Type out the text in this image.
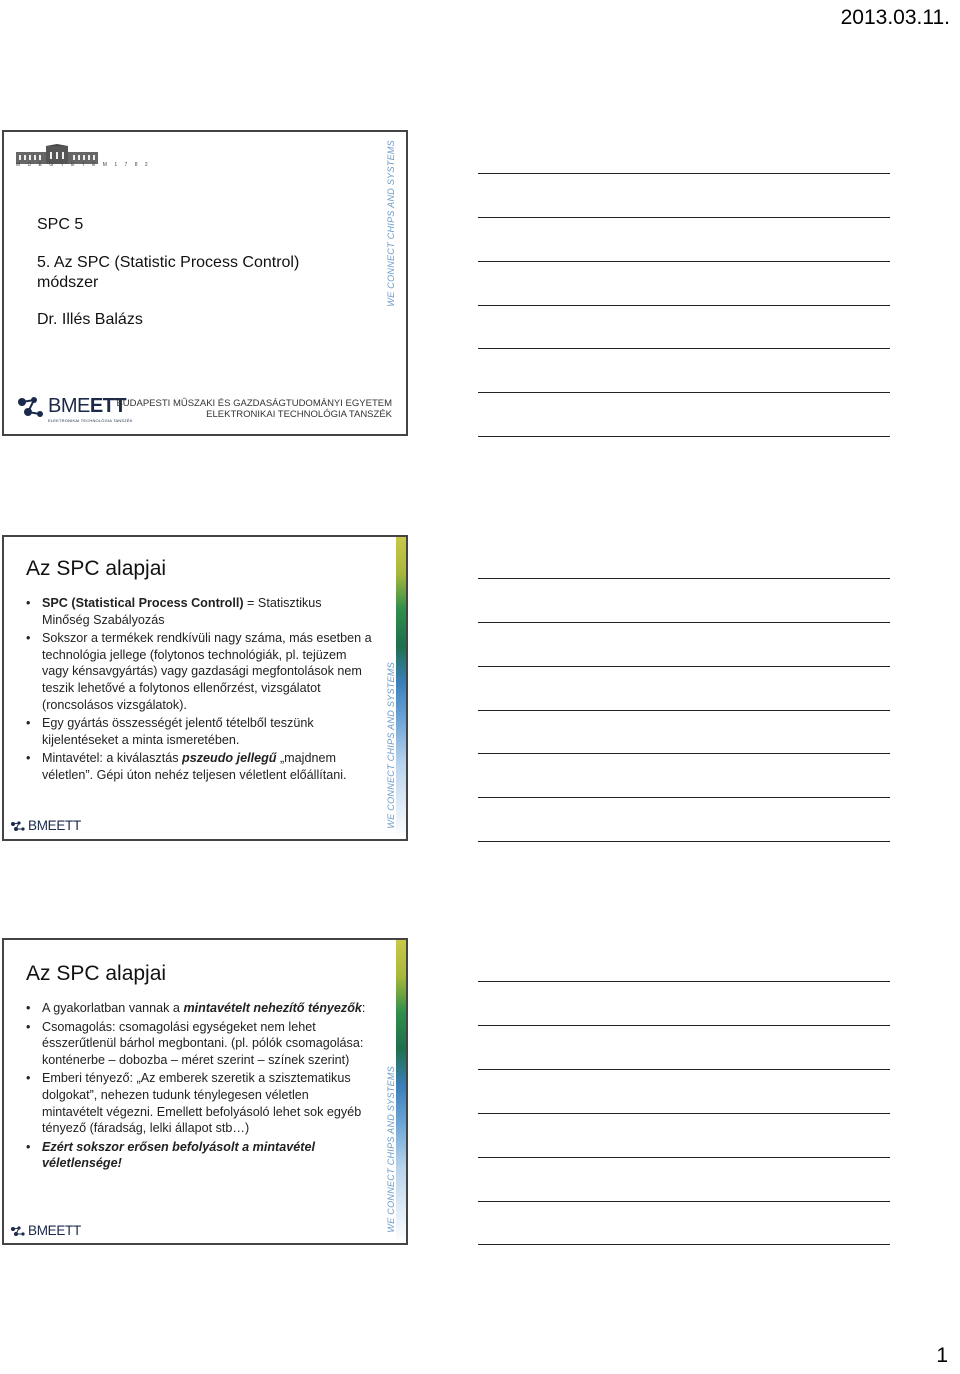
2013.03.11.
M Ű E G Y E T E M 1 7 8 2
SPC 5
5. Az SPC (Statistic Process Control) módszer
Dr. Illés Balázs
BMEETT
ELEKTRONIKAI TECHNOLÓGIA TANSZÉK
BUDAPESTI MŰSZAKI ÉS GAZDASÁGTUDOMÁNYI EGYETEM
ELEKTRONIKAI TECHNOLÓGIA TANSZÉK
WE CONNECT CHIPS AND SYSTEMS
Az SPC alapjai
• SPC (Statistical Process Controll) = Statisztikus Minőség Szabályozás
• Sokszor a termékek rendkívüli nagy száma, más esetben a technológia jellege (folytonos technológiák, pl. tejüzem vagy kénsavgyártás) vagy gazdasági megfontolások nem teszik lehetővé a folytonos ellenőrzést, vizsgálatot (roncsolásos vizsgálatok).
• Egy gyártás összességét jelentő tételből teszünk kijelentéseket a minta ismeretében.
• Mintavétel: a kiválasztás pszeudo jellegű „majdnem véletlen”. Gépi úton nehéz teljesen véletlent előállítani.	WE CONNECT CHIPS AND SYSTEMS
BMEETT
Az SPC alapjai
• A gyakorlatban vannak a mintavételt nehezítő tényezők:
• Csomagolás: csomagolási egységeket nem lehet ésszerűtlenül bárhol megbontani. (pl. pólók csomagolása: konténerbe – dobozba – méret szerint – színek szerint)
• Emberi tényező: „Az emberek szeretik a szisztematikus dolgokat”, nehezen tudunk ténylegesen véletlen mintavételt végezni. Emellett befolyásoló lehet sok egyéb tényező (fáradság, lelki állapot stb…)
• Ezért sokszor erősen befolyásolt a mintavétel véletlensége!	WE CONNECT CHIPS AND SYSTEMS
BMEETT
1
